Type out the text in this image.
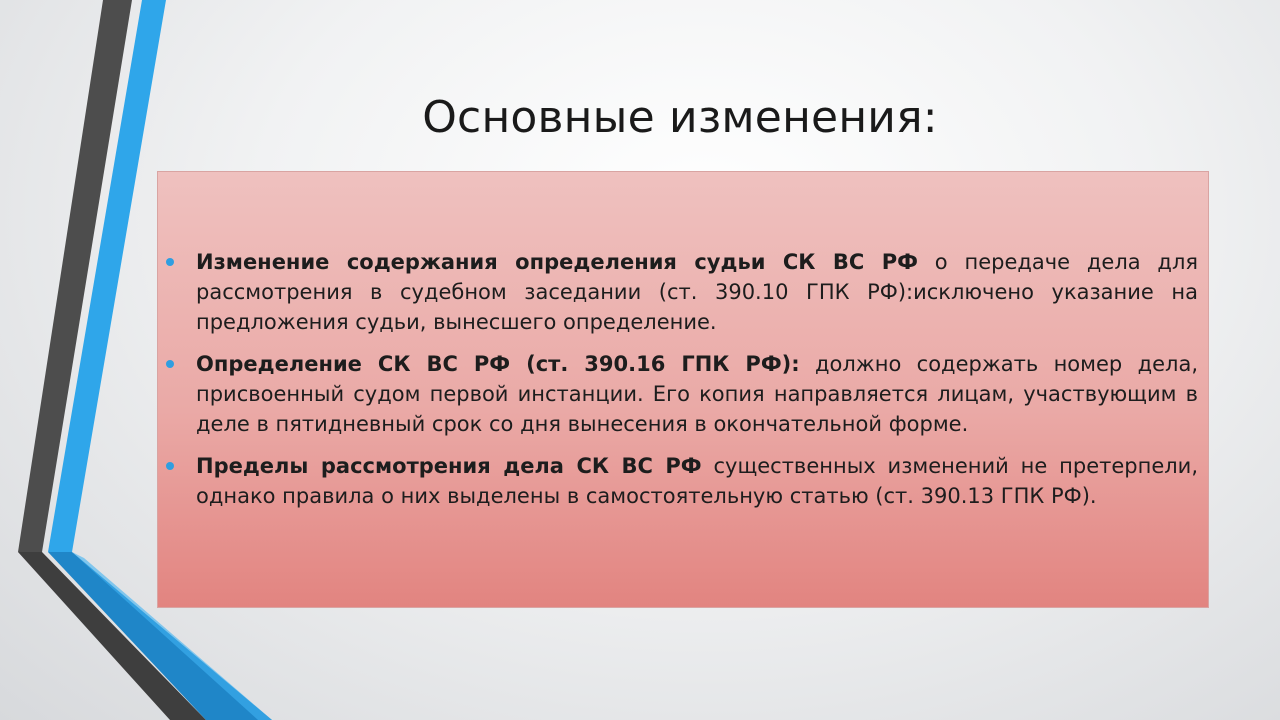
Основные изменения:
Изменение содержания определения судьи СК ВС РФ о передаче дела для рассмотрения в судебном заседании (ст. 390.10 ГПК РФ):исключено указание на предложения судьи, вынесшего определение.
Определение СК ВС РФ (ст. 390.16 ГПК РФ): должно содержать номер дела, присвоенный судом первой инстанции. Его копия направляется лицам, участвующим в деле в пятидневный срок со дня вынесения в окончательной форме.
Пределы рассмотрения дела СК ВС РФ существенных изменений не претерпели, однако правила о них выделены в самостоятельную статью (ст. 390.13 ГПК РФ).
